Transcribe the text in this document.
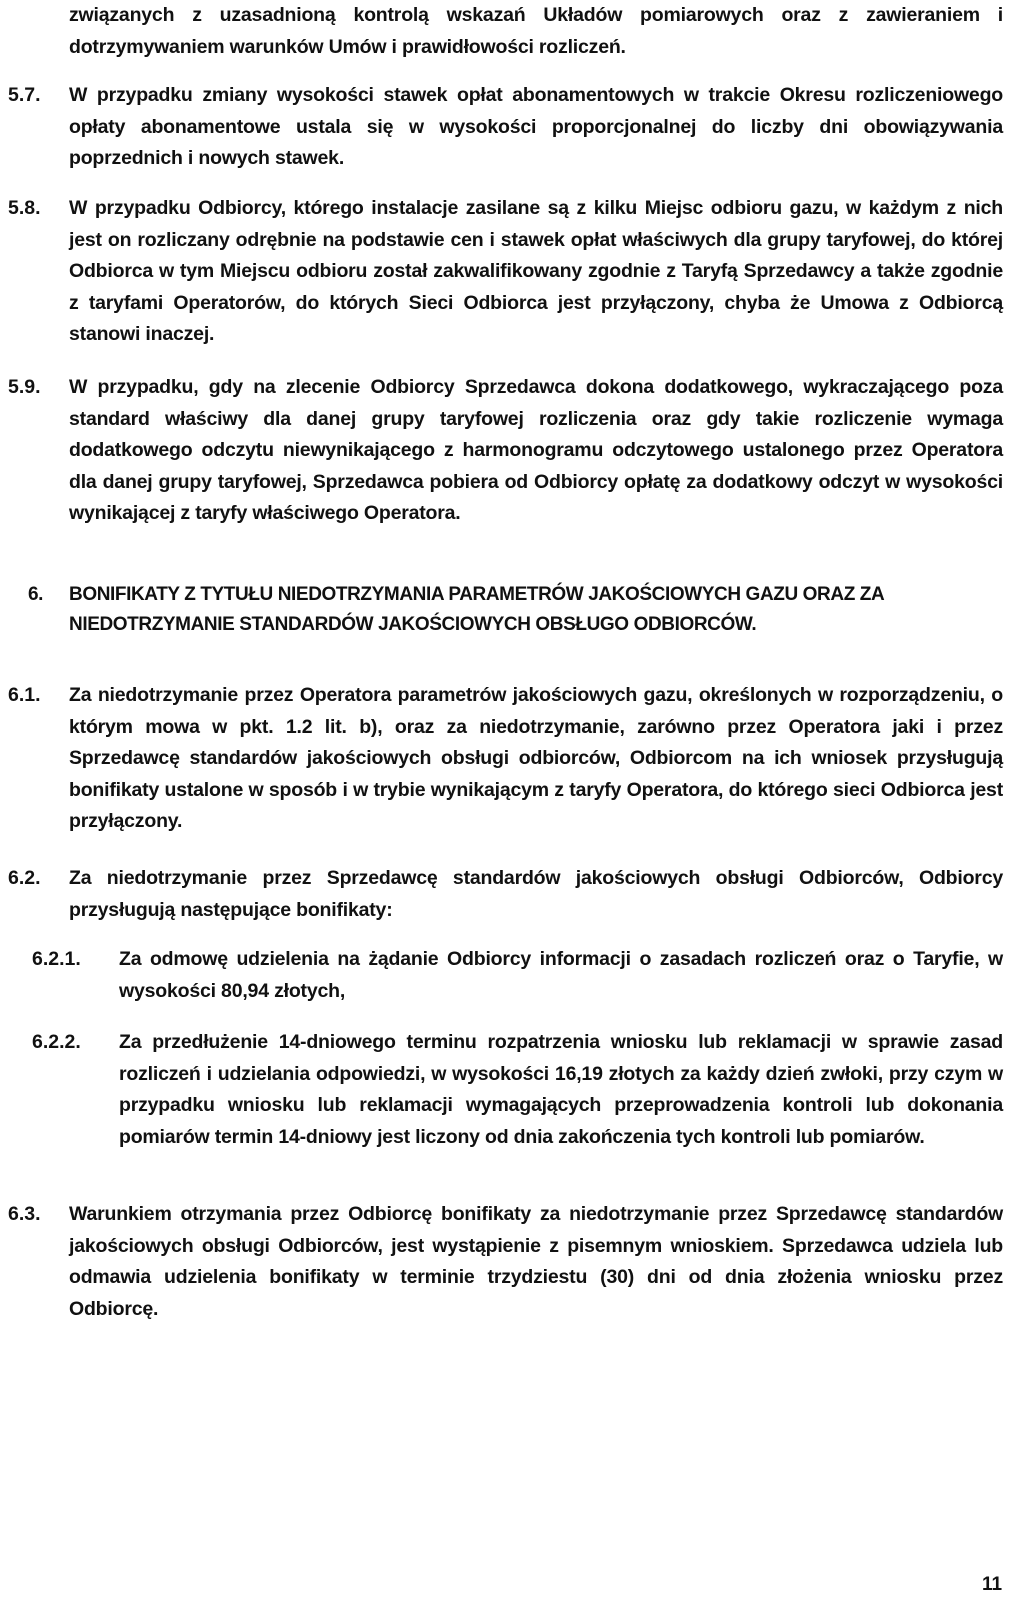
związanych z uzasadnioną kontrolą wskazań Układów pomiarowych oraz z zawieraniem i dotrzymywaniem warunków Umów i prawidłowości rozliczeń.
5.7. W przypadku zmiany wysokości stawek opłat abonamentowych w trakcie Okresu rozliczeniowego opłaty abonamentowe ustala się w wysokości proporcjonalnej do liczby dni obowiązywania poprzednich i nowych stawek.
5.8. W przypadku Odbiorcy, którego instalacje zasilane są z kilku Miejsc odbioru gazu, w każdym z nich jest on rozliczany odrębnie na podstawie cen i stawek opłat właściwych dla grupy taryfowej, do której Odbiorca w tym Miejscu odbioru został zakwalifikowany zgodnie z Taryfą Sprzedawcy a także zgodnie z taryfami Operatorów, do których Sieci Odbiorca jest przyłączony, chyba że Umowa z Odbiorcą stanowi inaczej.
5.9. W przypadku, gdy na zlecenie Odbiorcy Sprzedawca dokona dodatkowego, wykraczającego poza standard właściwy dla danej grupy taryfowej rozliczenia oraz gdy takie rozliczenie wymaga dodatkowego odczytu niewynikającego z harmonogramu odczytowego ustalonego przez Operatora dla danej grupy taryfowej, Sprzedawca pobiera od Odbiorcy opłatę za dodatkowy odczyt w wysokości wynikającej z taryfy właściwego Operatora.
6. BONIFIKATY Z TYTUŁU NIEDOTRZYMANIA PARAMETRÓW JAKOŚCIOWYCH GAZU ORAZ ZA NIEDOTRZYMANIE STANDARDÓW JAKOŚCIOWYCH OBSŁUGO ODBIORCÓW.
6.1. Za niedotrzymanie przez Operatora parametrów jakościowych gazu, określonych w rozporządzeniu, o którym mowa w pkt. 1.2 lit. b), oraz za niedotrzymanie, zarówno przez Operatora jaki i przez Sprzedawcę standardów jakościowych obsługi odbiorców, Odbiorcom na ich wniosek przysługują bonifikaty ustalone w sposób i w trybie wynikającym z taryfy Operatora, do którego sieci Odbiorca jest przyłączony.
6.2. Za niedotrzymanie przez Sprzedawcę standardów jakościowych obsługi Odbiorców, Odbiorcy przysługują następujące bonifikaty:
6.2.1. Za odmowę udzielenia na żądanie Odbiorcy informacji o zasadach rozliczeń oraz o Taryfie, w wysokości 80,94 złotych,
6.2.2. Za przedłużenie 14-dniowego terminu rozpatrzenia wniosku lub reklamacji w sprawie zasad rozliczeń i udzielania odpowiedzi, w wysokości 16,19 złotych za każdy dzień zwłoki, przy czym w przypadku wniosku lub reklamacji wymagających przeprowadzenia kontroli lub dokonania pomiarów termin 14-dniowy jest liczony od dnia zakończenia tych kontroli lub pomiarów.
6.3. Warunkiem otrzymania przez Odbiorcę bonifikaty za niedotrzymanie przez Sprzedawcę standardów jakościowych obsługi Odbiorców, jest wystąpienie z pisemnym wnioskiem. Sprzedawca udziela lub odmawia udzielenia bonifikaty w terminie trzydziestu (30) dni od dnia złożenia wniosku przez Odbiorcę.
11
